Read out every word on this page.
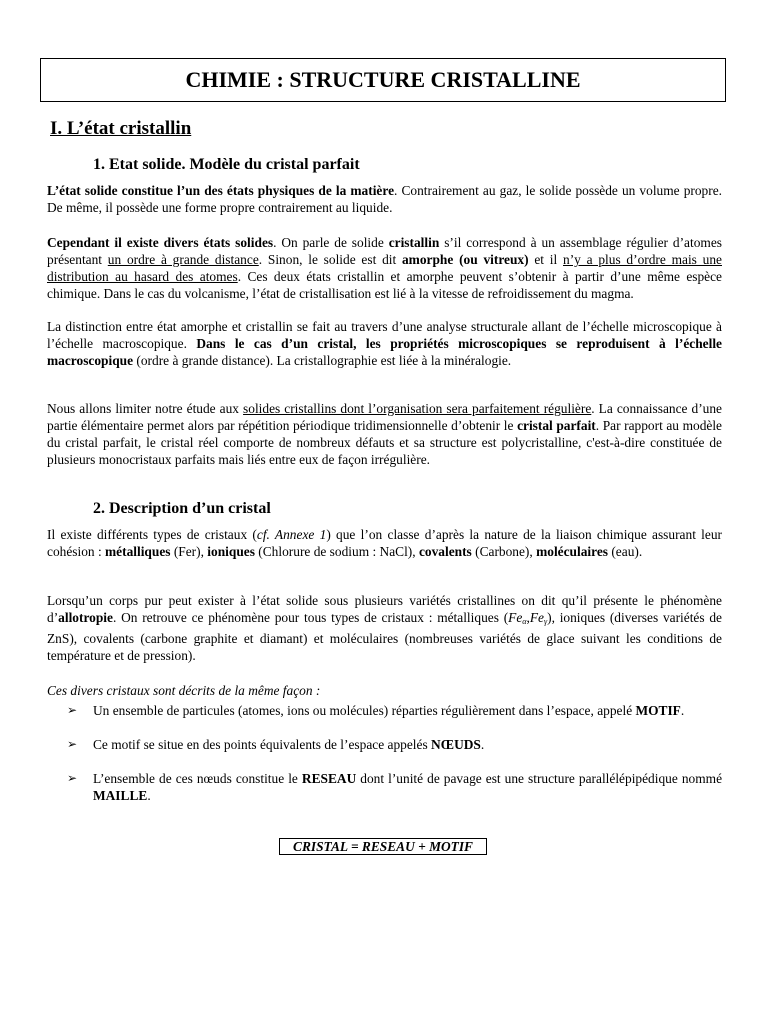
CHIMIE : STRUCTURE CRISTALLINE
I. L’état cristallin
1. Etat solide. Modèle du cristal parfait

L’état solide constitue l’un des états physiques de la matière. Contrairement au gaz, le solide possède un volume propre. De même, il possède une forme propre contrairement au liquide.

Cependant il existe divers états solides. On parle de solide cristallin s’il correspond à un assemblage régulier d’atomes présentant un ordre à grande distance. Sinon, le solide est dit amorphe (ou vitreux) et il n’y a plus d’ordre mais une distribution au hasard des atomes. Ces deux états cristallin et amorphe peuvent s’obtenir à partir d’une même espèce chimique. Dans le cas du volcanisme, l’état de cristallisation est lié à la vitesse de refroidissement du magma.

La distinction entre état amorphe et cristallin se fait au travers d’une analyse structurale allant de l’échelle microscopique à l’échelle macroscopique. Dans le cas d’un cristal, les propriétés microscopiques se reproduisent à l’échelle macroscopique (ordre à grande distance). La cristallographie est liée à la minéralogie.

Nous allons limiter notre étude aux solides cristallins dont l’organisation sera parfaitement régulière. La connaissance d’une partie élémentaire permet alors par répétition périodique tridimensionnelle d’obtenir le cristal parfait. Par rapport au modèle du cristal parfait, le cristal réel comporte de nombreux défauts et sa structure est polycristalline, c'est-à-dire constituée de plusieurs monocristaux parfaits mais liés entre eux de façon irrégulière.

2. Description d’un cristal

Il existe différents types de cristaux (cf. Annexe 1) que l’on classe d’après la nature de la liaison chimique assurant leur cohésion : métalliques (Fer), ioniques (Chlorure de sodium : NaCl), covalents (Carbone), moléculaires (eau).

Lorsqu’un corps pur peut exister à l’état solide sous plusieurs variétés cristallines on dit qu’il présente le phénomène d’allotropie. On retrouve ce phénomène pour tous types de cristaux : métalliques $(Fe_\alpha,Fe_\gamma)$, ioniques (diverses variétés de ZnS), covalents (carbone graphite et diamant) et moléculaires (nombreuses variétés de glace suivant les conditions de température et de pression).

Ces divers cristaux sont décrits de la même façon :

➢ Un ensemble de particules (atomes, ions ou molécules) réparties régulièrement dans l’espace, appelé MOTIF.
➢ Ce motif se situe en des points équivalents de l’espace appelés NŒUDS.
➢ L’ensemble de ces nœuds constitue le RESEAU dont l’unité de pavage est une structure parallélépipédique nommé MAILLE.
CRISTAL = RESEAU + MOTIF
